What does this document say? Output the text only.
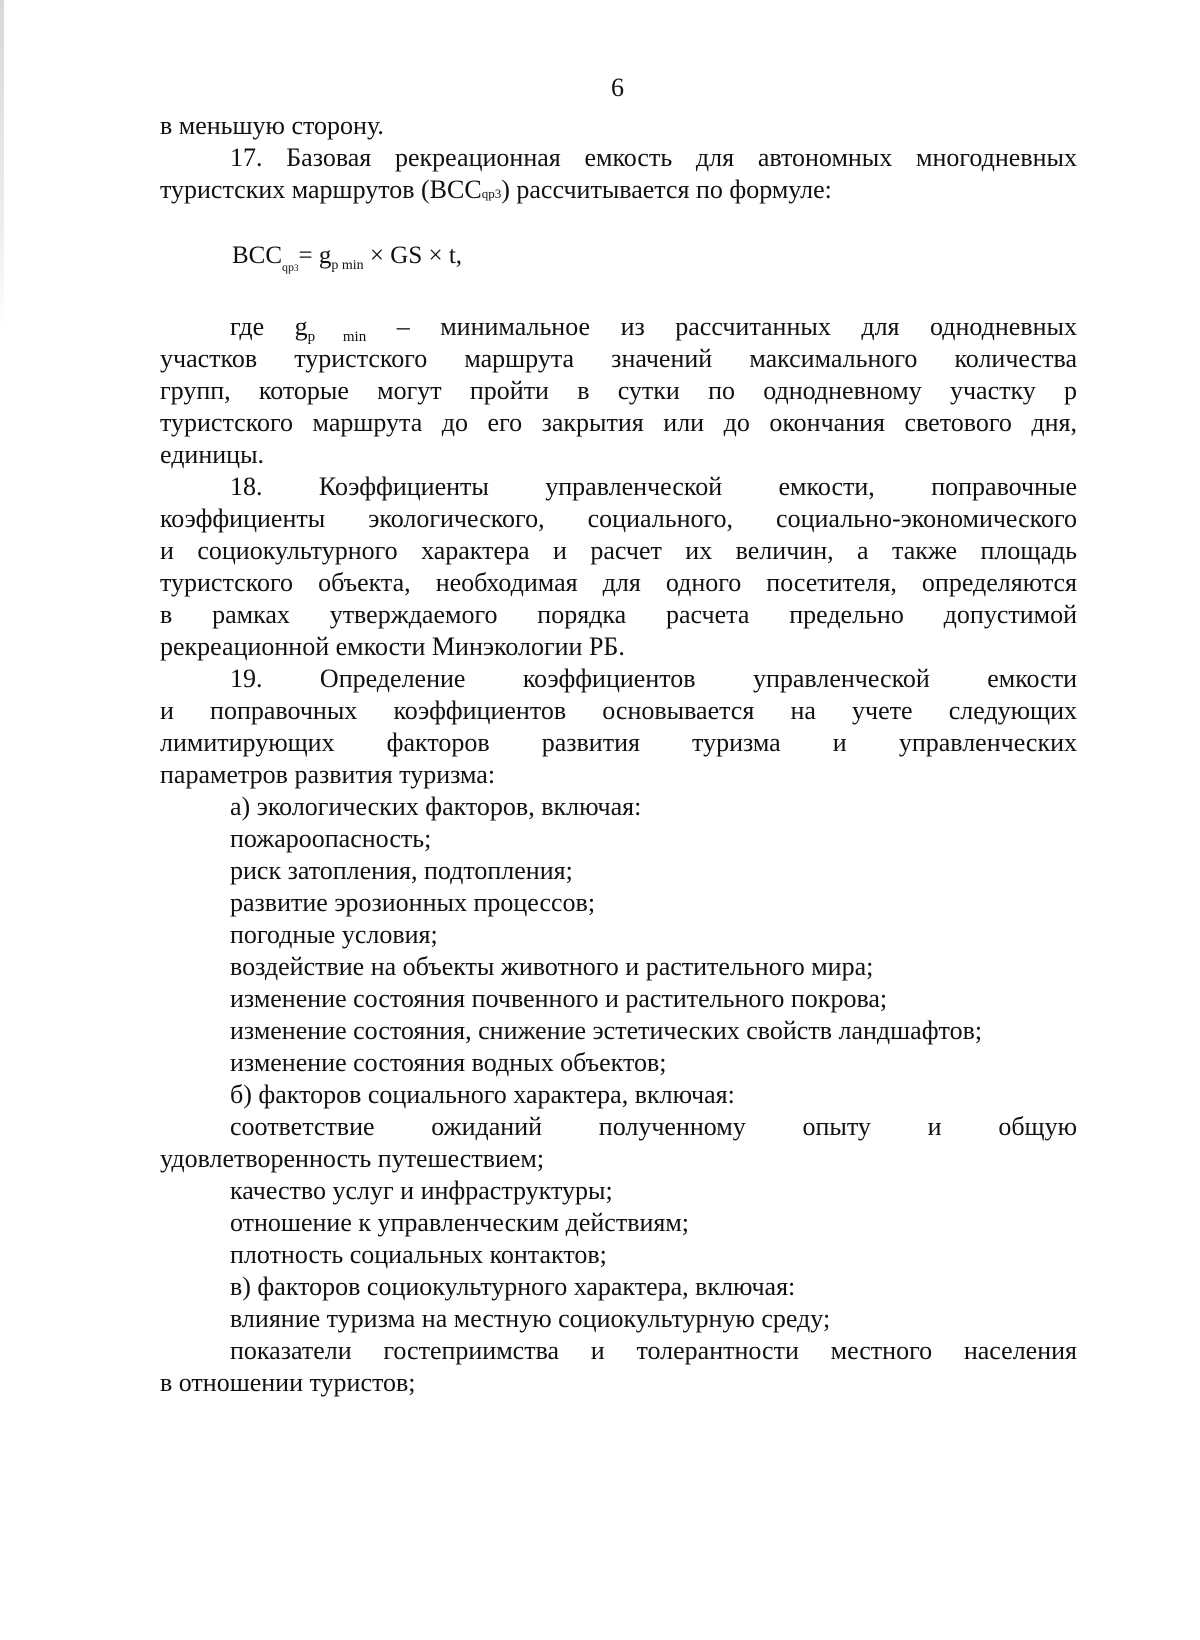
6
в меньшую сторону.
17. Базовая рекреационная емкость для автономных многодневных
туристских маршрутов (ВССqp3) рассчитывается по формуле:
$ВСС_{qp3}= g_{p min}$ × GS × t,
где $g_{p min}$ – минимальное из рассчитанных для однодневных
участков туристского маршрута значений максимального количества
групп, которые могут пройти в сутки по однодневному участку p
туристского маршрута до его закрытия или до окончания светового дня,
единицы.
18. Коэффициенты управленческой емкости, поправочные
коэффициенты экологического, социального, социально-экономического
и социокультурного характера и расчет их величин, а также площадь
туристского объекта, необходимая для одного посетителя, определяются
в рамках утверждаемого порядка расчета предельно допустимой
рекреационной емкости Минэкологии РБ.
19. Определение коэффициентов управленческой емкости
и поправочных коэффициентов основывается на учете следующих
лимитирующих факторов развития туризма и управленческих
параметров развития туризма:
а) экологических факторов, включая:
пожароопасность;
риск затопления, подтопления;
развитие эрозионных процессов;
погодные условия;
воздействие на объекты животного и растительного мира;
изменение состояния почвенного и растительного покрова;
изменение состояния, снижение эстетических свойств ландшафтов;
изменение состояния водных объектов;
б) факторов социального характера, включая:
соответствие ожиданий полученному опыту и общую
удовлетворенность путешествием;
качество услуг и инфраструктуры;
отношение к управленческим действиям;
плотность социальных контактов;
в) факторов социокультурного характера, включая:
влияние туризма на местную социокультурную среду;
показатели гостеприимства и толерантности местного населения
в отношении туристов;
